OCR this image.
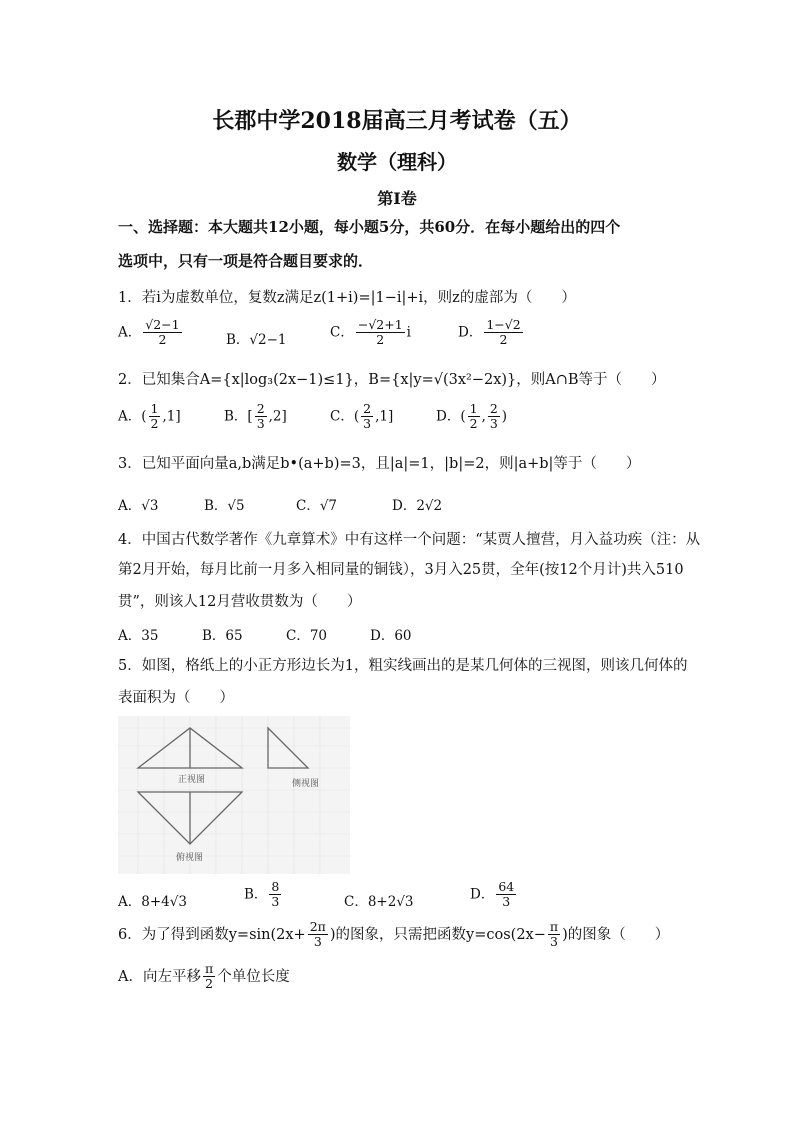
长郡中学2018届高三月考试卷（五）
数学（理科）
第Ⅰ卷
一、选择题：本大题共12小题，每小题5分，共60分．在每小题给出的四个
选项中，只有一项是符合题目要求的．
1．若i为虚数单位，复数z满足z(1+i)=|1−i|+i，则z的虚部为（　　）
A． $\frac{√2-1}{2}$	B．√2−1	C． $\frac{-√2+1}{2}$ i	D． $\frac{1-√2}{2}$
2．已知集合A={x|log₃(2x−1)≤1}，B={x|y=√(3x²−2x)}，则A∩B等于（　　）
A．( $\frac{1}{2} ,1$]	B．[ $\frac{2}{3} ,2$]	C．( $\frac{2}{3} ,1$]	D．( $\frac{1}{2}$ , $\frac{2}{3}$ )
3．已知平面向量a,b满足b•(a+b)=3，且|a|=1，|b|=2，则|a+b|等于（　　）
A．√3	B．√5	C．√7	D．2√2
4．中国古代数学著作《九章算术》中有这样一个问题：“某贾人擅营，月入益功疾（注：从
第2月开始，每月比前一月多入相同量的铜钱），3月入25贯，全年(按12个月计)共入510
贯”，则该人12月营收贯数为（　　）
A．35	B．65	C．70	D．60
5．如图，格纸上的小正方形边长为1，粗实线画出的是某几何体的三视图，则该几何体的
表面积为（　　）
正视图	侧视图
俯视图
A．8+4√3	B． $\frac{8}{3}$	C．8+2√3	D． $\frac{64}{3}$
6．为了得到函数$y=\sin(2x+ \frac{2\pi}{3}$ )的图象，只需把函数$y=\cos(2x- \frac{\pi}{3}$ )的图象（　　）
A．向左平移 $\frac{\pi}{2}$ 个单位长度
